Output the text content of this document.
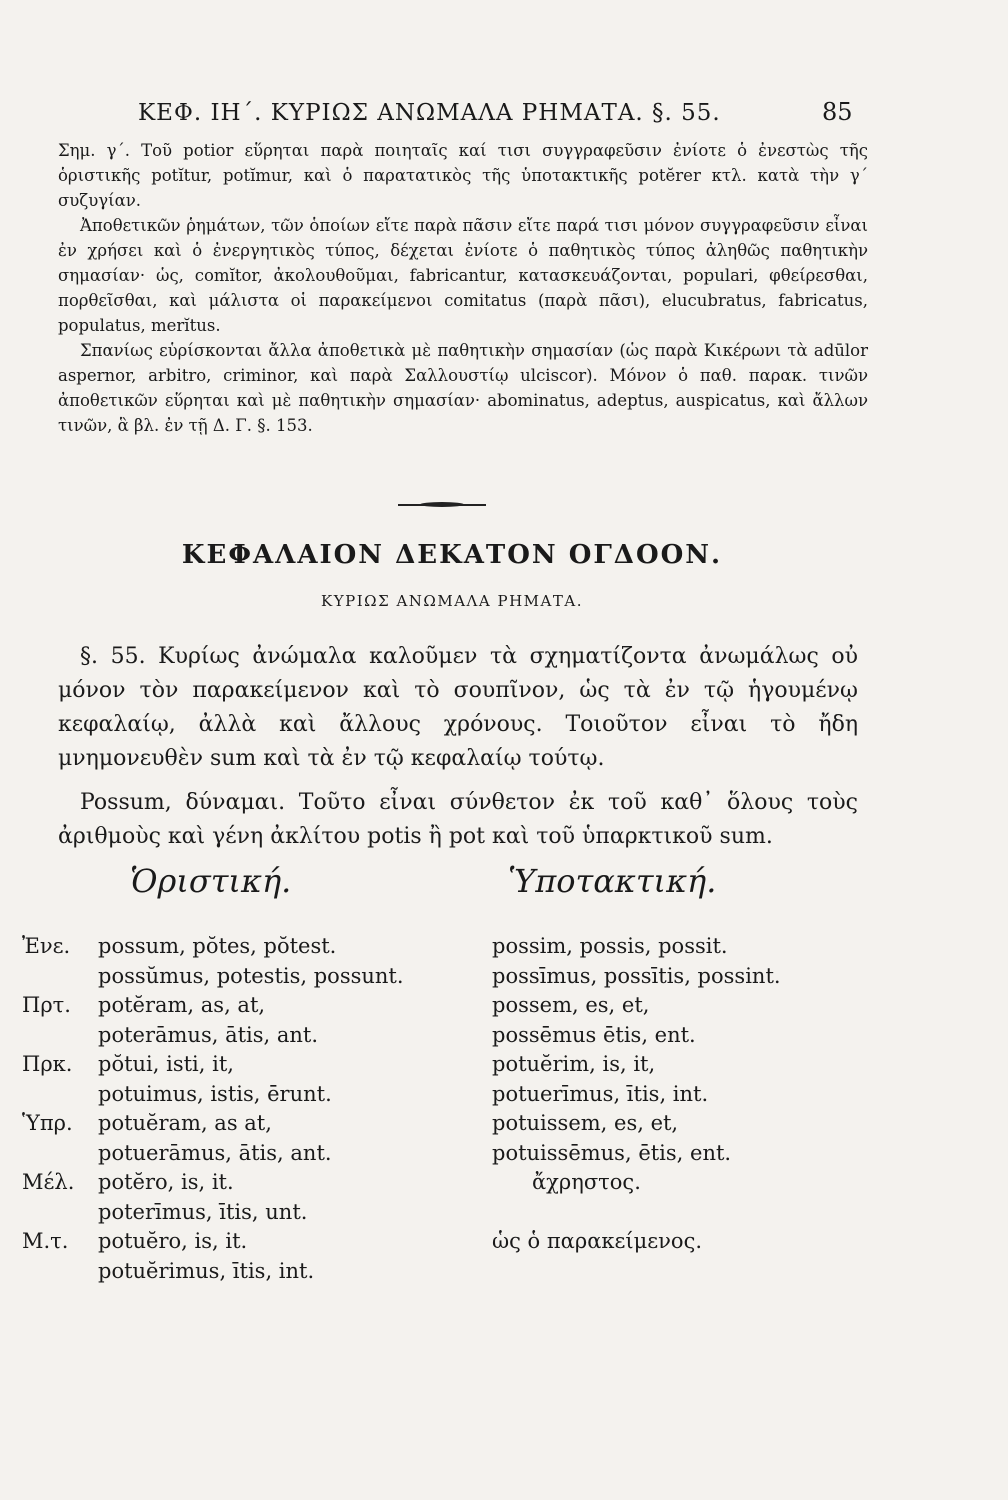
ΚΕΦ. ΙΗ΄. ΚΥΡΙΩΣ ΑΝΩΜΑΛΑ ΡΗΜΑΤΑ. §. 55.	85

Σημ. γ΄. Τοῦ potior εὕρηται παρὰ ποιηταῖς καί τισι συγγραφεῦσιν ἐνίοτε ὁ ἐνεστὼς τῆς ὁριστικῆς potĭtur, potĭmur, καὶ ὁ παρατατικὸς τῆς ὑποτακτικῆς potĕrer κτλ. κατὰ τὴν γ΄ συζυγίαν.

Ἀποθετικῶν ῥημάτων, τῶν ὁποίων εἴτε παρὰ πᾶσιν εἴτε παρά τισι μόνον συγγραφεῦσιν εἶναι ἐν χρήσει καὶ ὁ ἐνεργητικὸς τύπος, δέχεται ἐνίοτε ὁ παθητικὸς τύπος ἀληθῶς παθητικὴν σημασίαν· ὡς, comĭtor, ἀκολουθοῦμαι, fabricantur, κατασκευάζονται, populari, φθείρεσθαι, πορθεῖσθαι, καὶ μάλιστα οἱ παρακείμενοι comitatus (παρὰ πᾶσι), elucubratus, fabricatus, populatus, merĭtus.

Σπανίως εὑρίσκονται ἄλλα ἀποθετικὰ μὲ παθητικὴν σημασίαν (ὡς παρὰ Κικέρωνι τὰ adūlor aspernor, arbitro, criminor, καὶ παρὰ Σαλλουστίῳ ulciscor). Μόνον ὁ παθ. παρακ. τινῶν ἀποθετικῶν εὕρηται καὶ μὲ παθητικὴν σημασίαν· abominatus, adeptus, auspicatus, καὶ ἄλλων τινῶν, ἃ βλ. ἐν τῇ Δ. Γ. §. 153.

ΚΕΦΑΛΑΙΟΝ ΔΕΚΑΤΟΝ ΟΓΔΟΟΝ.
ΚΥΡΙΩΣ ΑΝΩΜΑΛΑ ΡΗΜΑΤΑ.

§. 55. Κυρίως ἀνώμαλα καλοῦμεν τὰ σχηματίζοντα ἀνωμάλως οὐ μόνον τὸν παρακείμενον καὶ τὸ σουπῖνον, ὡς τὰ ἐν τῷ ἡγουμένῳ κεφαλαίῳ, ἀλλὰ καὶ ἄλλους χρόνους. Τοιοῦτον εἶναι τὸ ἤδη μνημονευθὲν sum καὶ τὰ ἐν τῷ κεφαλαίῳ τούτῳ.

Possum, δύναμαι. Τοῦτο εἶναι σύνθετον ἐκ τοῦ καθ᾽ ὅλους τοὺς ἀριθμοὺς καὶ γένη ἀκλίτου potis ἢ pot καὶ τοῦ ὑπαρκτικοῦ sum.

Ὁριστική.	Ὑποτακτική.
Ἐνε.	possum, pŏtes, pŏtest.	possim, possis, possit.
possŭmus, potestis, possunt.	possīmus, possītis, possint.
Πρτ.	potĕram, as, at,	possem, es, et,
poterāmus, ātis, ant.	possēmus ētis, ent.
Πρκ.	pŏtui, isti, it,	potuĕrim, is, it,
potuimus, istis, ērunt.	potuerīmus, ītis, int.
Ὑπρ.	potuĕram, as at,	potuissem, es, et,
potuerāmus, ātis, ant.	potuissēmus, ētis, ent.
Μέλ.	potĕro, is, it.	ἄχρηστος.
poterīmus, ītis, unt.
Μ.τ.	potuĕro, is, it.	ὡς ὁ παρακείμενος.
potuĕrimus, ītis, int.
